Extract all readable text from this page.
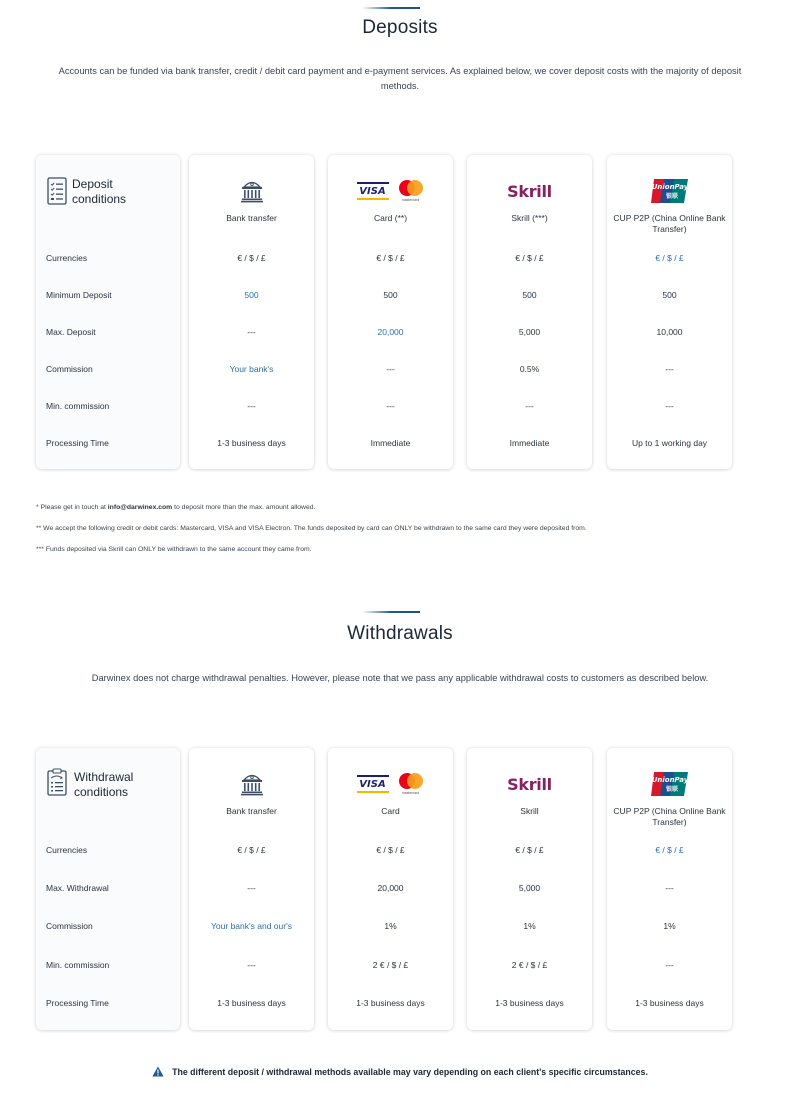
Deposits

Accounts can be funded via bank transfer, credit / debit card payment and e-payment services. As explained below, we cover deposit costs with the majority of deposit methods.

Deposit
conditions
Currencies
Minimum Deposit
Max. Deposit
Commission
Min. commission
Processing Time
Bank transfer
€ / $ / £
500
---
Your bank's
---
1-3 business days
VISA
mastercard
Card (**)
€ / $ / £
500
20,000
---
---
Immediate
Skrill
Skrill (***)
€ / $ / £
500
5,000
0.5%
---
Immediate
UnionPay
银联
CUP P2P (China Online Bank Transfer)
€ / $ / £
500
10,000
---
---
Up to 1 working day
* Please get in touch at info@darwinex.com to deposit more than the max. amount allowed.
** We accept the following credit or debit cards: Mastercard, VISA and VISA Electron. The funds deposited by card can ONLY be withdrawn to the same card they were deposited from.
*** Funds deposited via Skrill can ONLY be withdrawn to the same account they came from.
Withdrawals

Darwinex does not charge withdrawal penalties. However, please note that we pass any applicable withdrawal costs to customers as described below.

Withdrawal
conditions
Currencies
Max. Withdrawal
Commission
Min. commission
Processing Time
Bank transfer
€ / $ / £
---
Your bank's and our's
---
1-3 business days
VISA
mastercard
Card
€ / $ / £
20,000
1%
2 € / $ / £
1-3 business days
Skrill
Skrill
€ / $ / £
5,000
1%
2 € / $ / £
1-3 business days
UnionPay
银联
CUP P2P (China Online Bank Transfer)
€ / $ / £
---
1%
---
1-3 business days
The different deposit / withdrawal methods available may vary depending on each client's specific circumstances.
